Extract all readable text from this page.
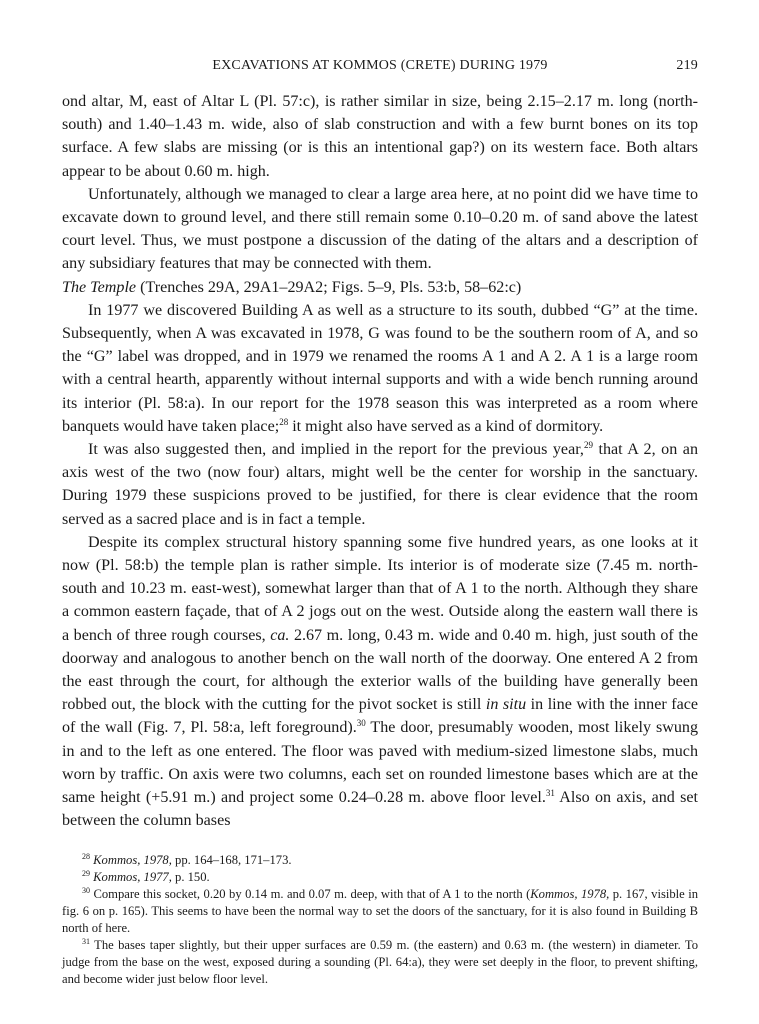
EXCAVATIONS AT KOMMOS (CRETE) DURING 1979	219

ond altar, M, east of Altar L (Pl. 57:c), is rather similar in size, being 2.15–2.17 m. long (north-south) and 1.40–1.43 m. wide, also of slab construction and with a few burnt bones on its top surface. A few slabs are missing (or is this an intentional gap?) on its western face. Both altars appear to be about 0.60 m. high.

Unfortunately, although we managed to clear a large area here, at no point did we have time to excavate down to ground level, and there still remain some 0.10–0.20 m. of sand above the latest court level. Thus, we must postpone a discussion of the dating of the altars and a description of any subsidiary features that may be connected with them.

The Temple (Trenches 29A, 29A1–29A2; Figs. 5–9, Pls. 53:b, 58–62:c)

In 1977 we discovered Building A as well as a structure to its south, dubbed “G” at the time. Subsequently, when A was excavated in 1978, G was found to be the southern room of A, and so the “G” label was dropped, and in 1979 we renamed the rooms A 1 and A 2. A 1 is a large room with a central hearth, apparently without internal supports and with a wide bench running around its interior (Pl. 58:a). In our report for the 1978 season this was interpreted as a room where banquets would have taken place;$^{28}$ it might also have served as a kind of dormitory.

It was also suggested then, and implied in the report for the previous year,$^{29}$ that A 2, on an axis west of the two (now four) altars, might well be the center for worship in the sanctuary. During 1979 these suspicions proved to be justified, for there is clear evidence that the room served as a sacred place and is in fact a temple.

Despite its complex structural history spanning some five hundred years, as one looks at it now (Pl. 58:b) the temple plan is rather simple. Its interior is of moderate size (7.45 m. north-south and 10.23 m. east-west), somewhat larger than that of A 1 to the north. Although they share a common eastern façade, that of A 2 jogs out on the west. Outside along the eastern wall there is a bench of three rough courses, ca. 2.67 m. long, 0.43 m. wide and 0.40 m. high, just south of the doorway and analogous to another bench on the wall north of the doorway. One entered A 2 from the east through the court, for although the exterior walls of the building have generally been robbed out, the block with the cutting for the pivot socket is still in situ in line with the inner face of the wall (Fig. 7, Pl. 58:a, left foreground).$^{30}$ The door, presumably wooden, most likely swung in and to the left as one entered. The floor was paved with medium-sized limestone slabs, much worn by traffic. On axis were two columns, each set on rounded limestone bases which are at the same height (+5.91 m.) and project some 0.24–0.28 m. above floor level.$^{31}$ Also on axis, and set between the column bases

$^{28}$ Kommos, 1978, pp. 164–168, 171–173.

$^{29}$ Kommos, 1977, p. 150.

$^{30}$ Compare this socket, 0.20 by 0.14 m. and 0.07 m. deep, with that of A 1 to the north (Kommos, 1978, p. 167, visible in fig. 6 on p. 165). This seems to have been the normal way to set the doors of the sanctuary, for it is also found in Building B north of here.

$^{31}$ The bases taper slightly, but their upper surfaces are 0.59 m. (the eastern) and 0.63 m. (the western) in diameter. To judge from the base on the west, exposed during a sounding (Pl. 64:a), they were set deeply in the floor, to prevent shifting, and become wider just below floor level.
